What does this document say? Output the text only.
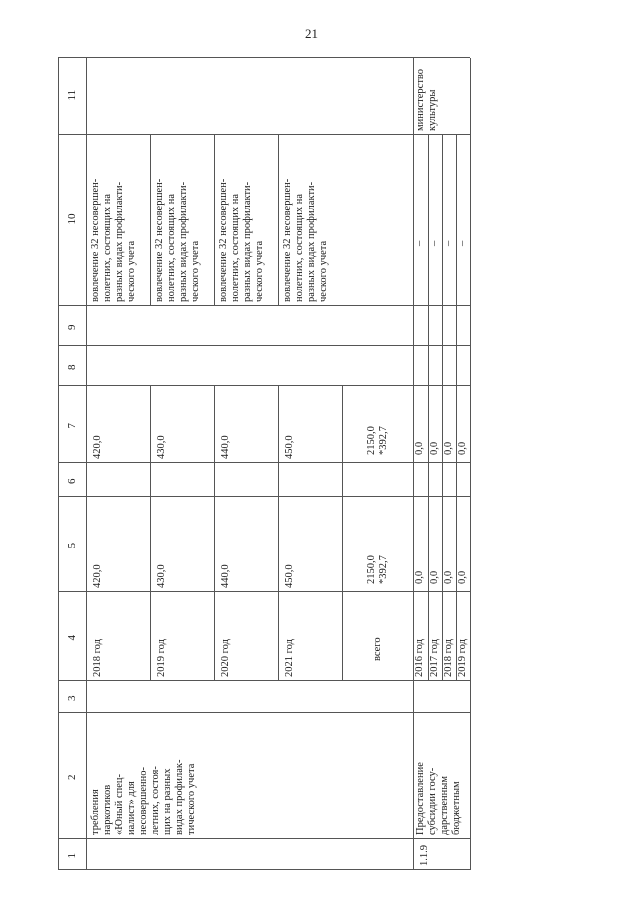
21
1
2
3
4
5
6
7
8
9
10
11
требления наркотиков «Юный спец- иалист» для несовершенно- летних, состоя- щих на разных видах профилак- тического учета
2018 год
420,0
420,0
вовлечение 32 несовершен- нолетних, состоящих на разных видах профилакти- ческого учета
2019 год
430,0
430,0
вовлечение 32 несовершен- нолетних, состоящих на разных видах профилакти- ческого учета
2020 год
440,0
440,0
вовлечение 32 несовершен- нолетних, состоящих на разных видах профилакти- ческого учета
2021 год
450,0
450,0
вовлечение 32 несовершен- нолетних, состоящих на разных видах профилакти- ческого учета
всего
2150,0 *392,7
2150,0 *392,7
1.1.9
Предоставление субсидии госу- дарственным бюджетным
2016 год
0,0
0,0
–
2017 год
0,0
0,0
–
2018 год
0,0
0,0
–
2019 год
0,0
0,0
–
министерство культуры
